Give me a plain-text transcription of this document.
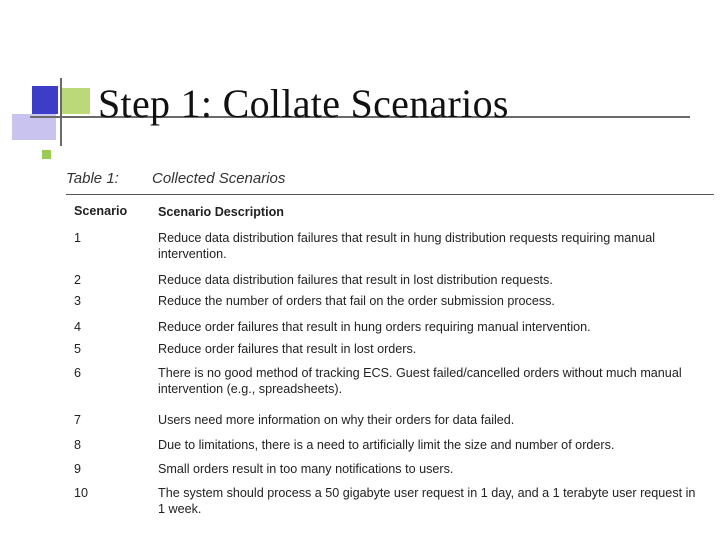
Step 1: Collate Scenarios
Table 1: Collected Scenarios
Scenario	Scenario Description
1	Reduce data distribution failures that result in hung distribution requests requiring manual intervention.
2	Reduce data distribution failures that result in lost distribution requests.
3	Reduce the number of orders that fail on the order submission process.
4	Reduce order failures that result in hung orders requiring manual intervention.
5	Reduce order failures that result in lost orders.
6	There is no good method of tracking ECS. Guest failed/cancelled orders without much manual intervention (e.g., spreadsheets).
7	Users need more information on why their orders for data failed.
8	Due to limitations, there is a need to artificially limit the size and number of orders.
9	Small orders result in too many notifications to users.
10	The system should process a 50 gigabyte user request in 1 day, and a 1 terabyte user request in 1 week.
